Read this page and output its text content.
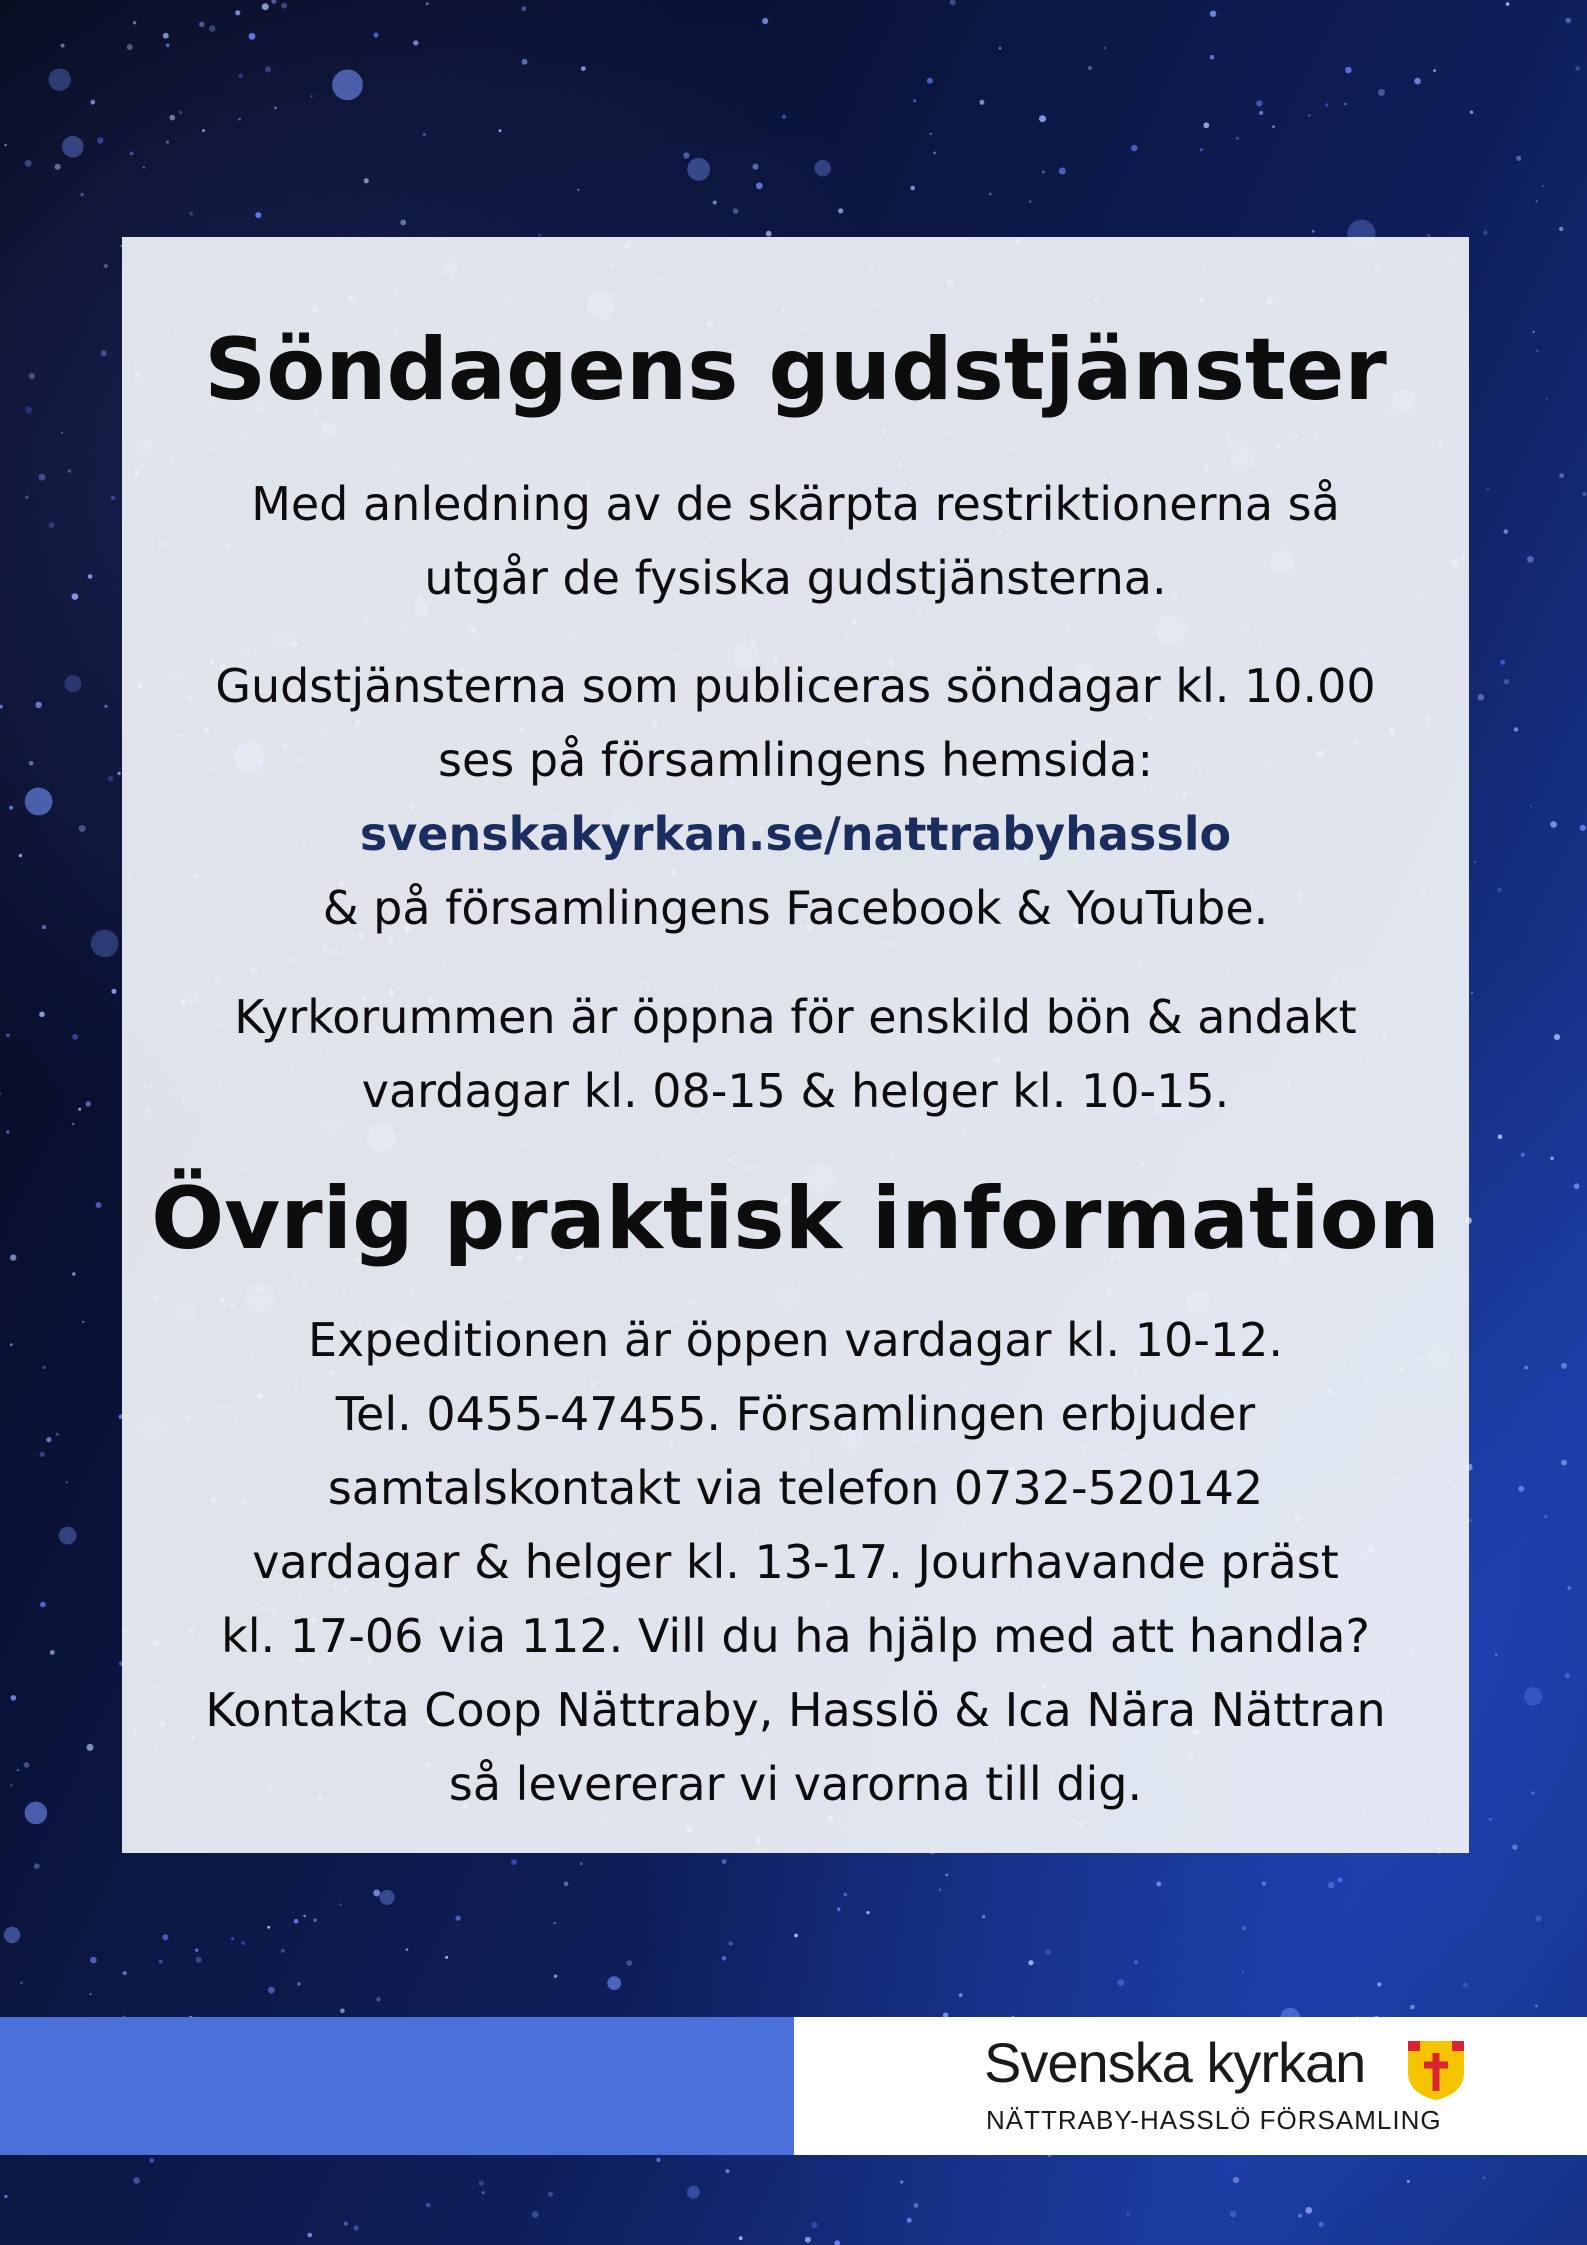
Söndagens gudstjänster

Med anledning av de skärpta restriktionerna så
utgår de fysiska gudstjänsterna.

Gudstjänsterna som publiceras söndagar kl. 10.00
ses på församlingens hemsida:
svenskakyrkan.se/nattrabyhasslo
& på församlingens Facebook & YouTube.

Kyrkorummen är öppna för enskild bön & andakt
vardagar kl. 08-15 & helger kl. 10-15.

Övrig praktisk information

Expeditionen är öppen vardagar kl. 10-12.
Tel. 0455-47455. Församlingen erbjuder
samtalskontakt via telefon 0732-520142
vardagar & helger kl. 13-17. Jourhavande präst
kl. 17-06 via 112. Vill du ha hjälp med att handla?
Kontakta Coop Nättraby, Hasslö & Ica Nära Nättran
så levererar vi varorna till dig.

Svenska kyrkan
NÄTTRABY-HASSLÖ FÖRSAMLING
